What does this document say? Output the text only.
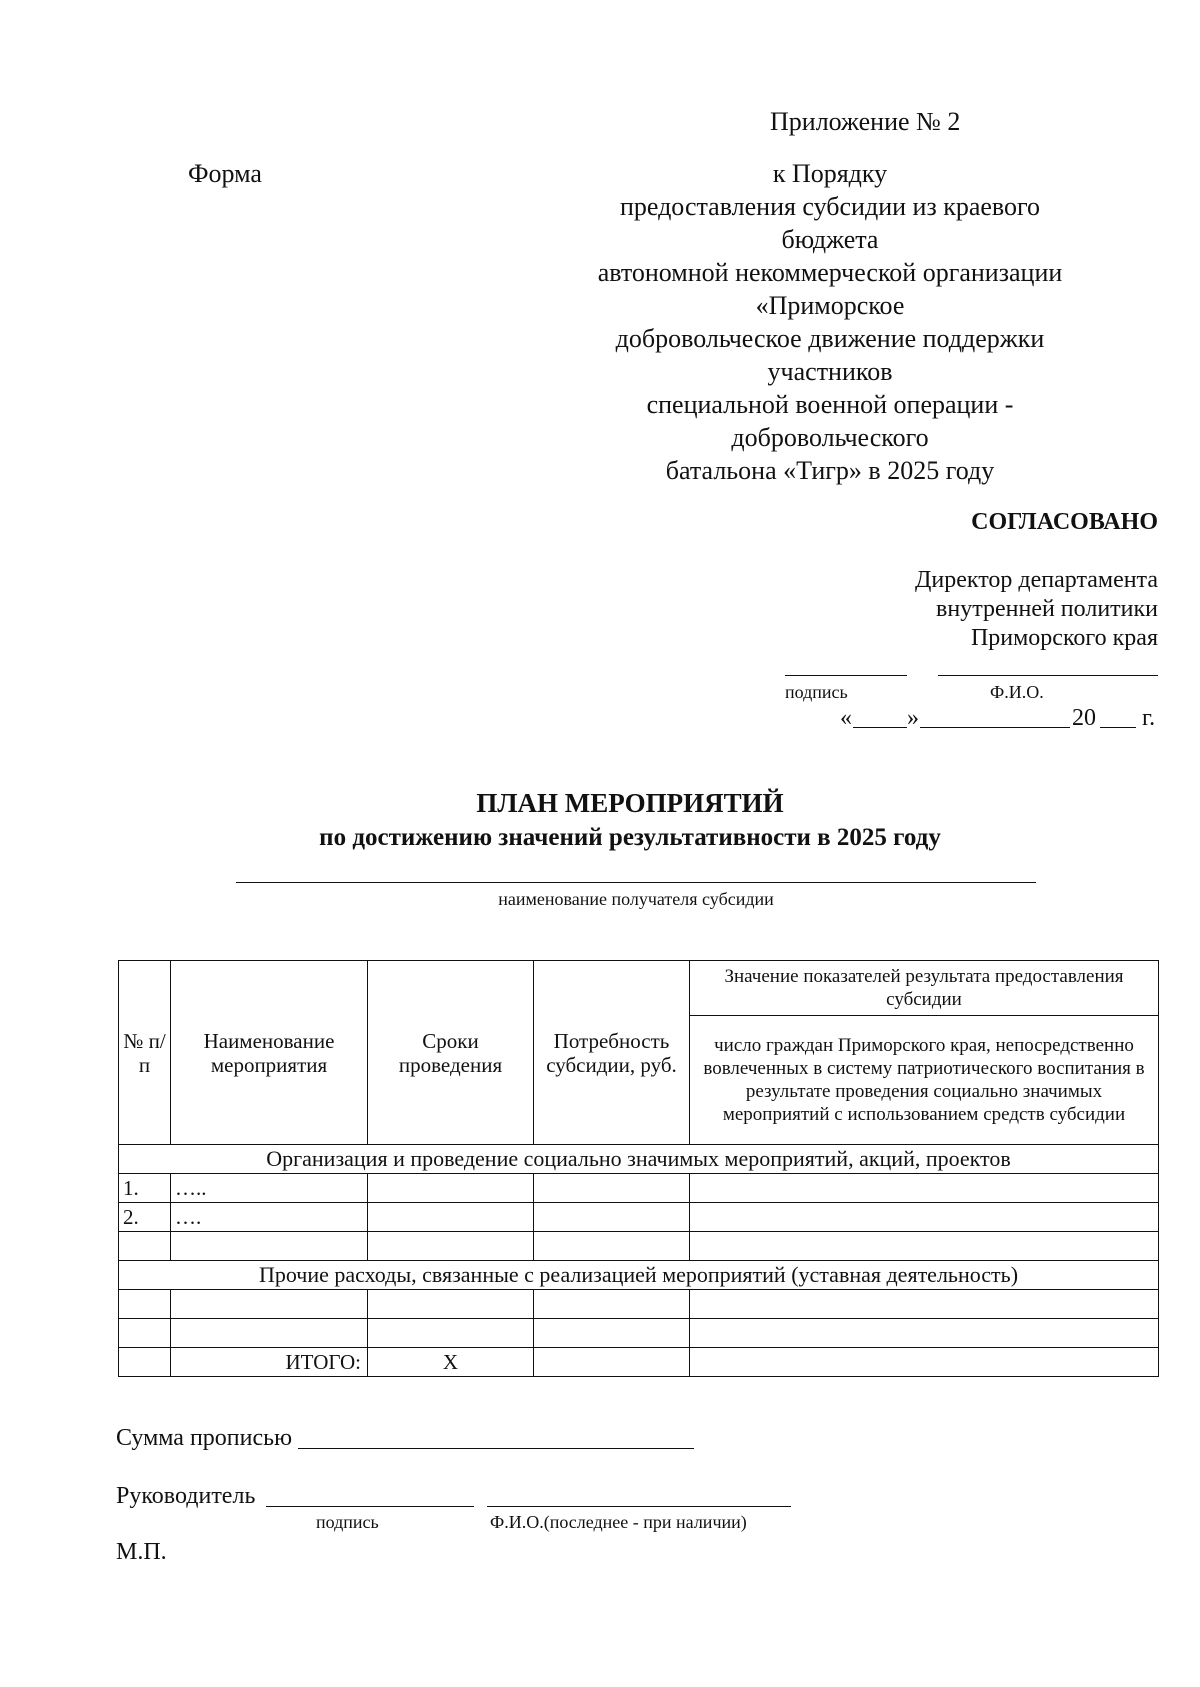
Приложение № 2
Форма	к Порядку
предоставления субсидии из краевого
бюджета
автономной некоммерческой организации
«Приморское
добровольческое движение поддержки
участников
специальной военной операции -
добровольческого
батальона «Тигр» в 2025 году
СОГЛАСОВАНО
Директор департамента
внутренней политики
Приморского края
подпись	Ф.И.О.
« »	20 г.
ПЛАН МЕРОПРИЯТИЙ
по достижению значений результативности в 2025 году
наименование получателя субсидии
№ п/п	Наименование мероприятия	Сроки проведения	Потребность субсидии, руб.	Значение показателей результата предоставления субсидии
				число граждан Приморского края, непосредственно вовлеченных в систему патриотического воспитания в результате проведения социально значимых мероприятий с использованием средств субсидии
Организация и проведение социально значимых мероприятий, акций, проектов				
1.	…..			
2.	….			

Прочие расходы, связанные с реализацией мероприятий (уставная деятельность)				

	ИТОГО:	Х		
Сумма прописью
Руководитель
подпись	Ф.И.О.(последнее - при наличии)
М.П.
